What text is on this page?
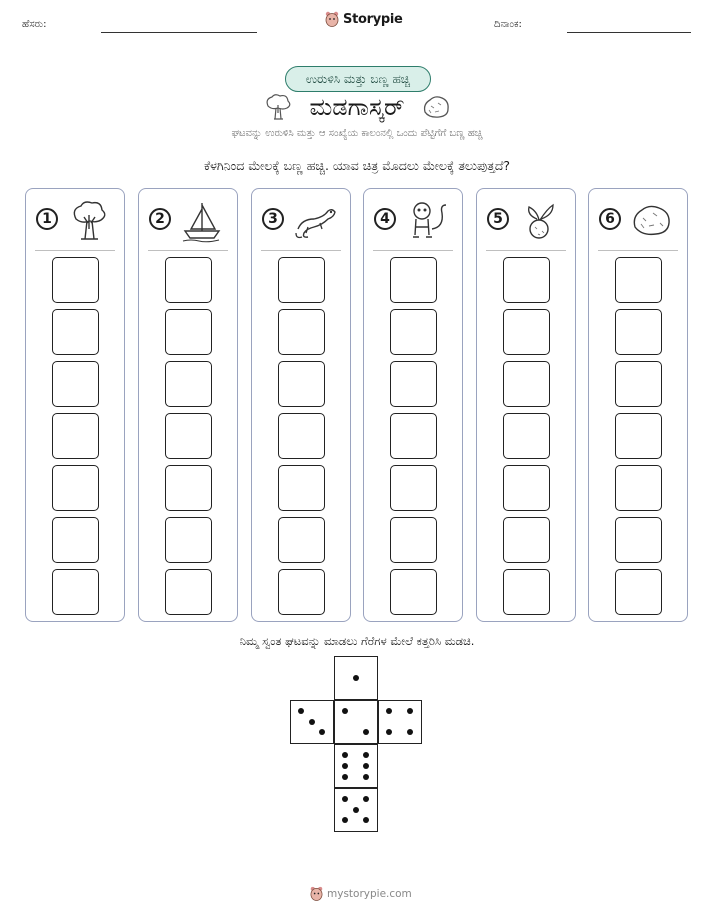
ಹೆಸರು:	Storypie	ದಿನಾಂಕ:
ಉರುಳಿಸಿ ಮತ್ತು ಬಣ್ಣ ಹಚ್ಚಿ
ಮಡಗಾಸ್ಕರ್
ಘಟವನ್ನು ಉರುಳಿಸಿ ಮತ್ತು ಆ ಸಂಖ್ಯೆಯ ಕಾಲಂನಲ್ಲಿ ಒಂದು ಪೆಟ್ಟಿಗೆಗೆ ಬಣ್ಣ ಹಚ್ಚಿ
ಕೆಳಗಿನಿಂದ ಮೇಲಕ್ಕೆ ಬಣ್ಣ ಹಚ್ಚಿ. ಯಾವ ಚಿತ್ರ ಮೊದಲು ಮೇಲಕ್ಕೆ ತಲುಪುತ್ತದೆ?
1	2	3	4	5	6
ನಿಮ್ಮ ಸ್ವಂತ ಘಟವನ್ನು ಮಾಡಲು ಗೆರೆಗಳ ಮೇಲೆ ಕತ್ತರಿಸಿ ಮಡಚಿ.
mystorypie.com
